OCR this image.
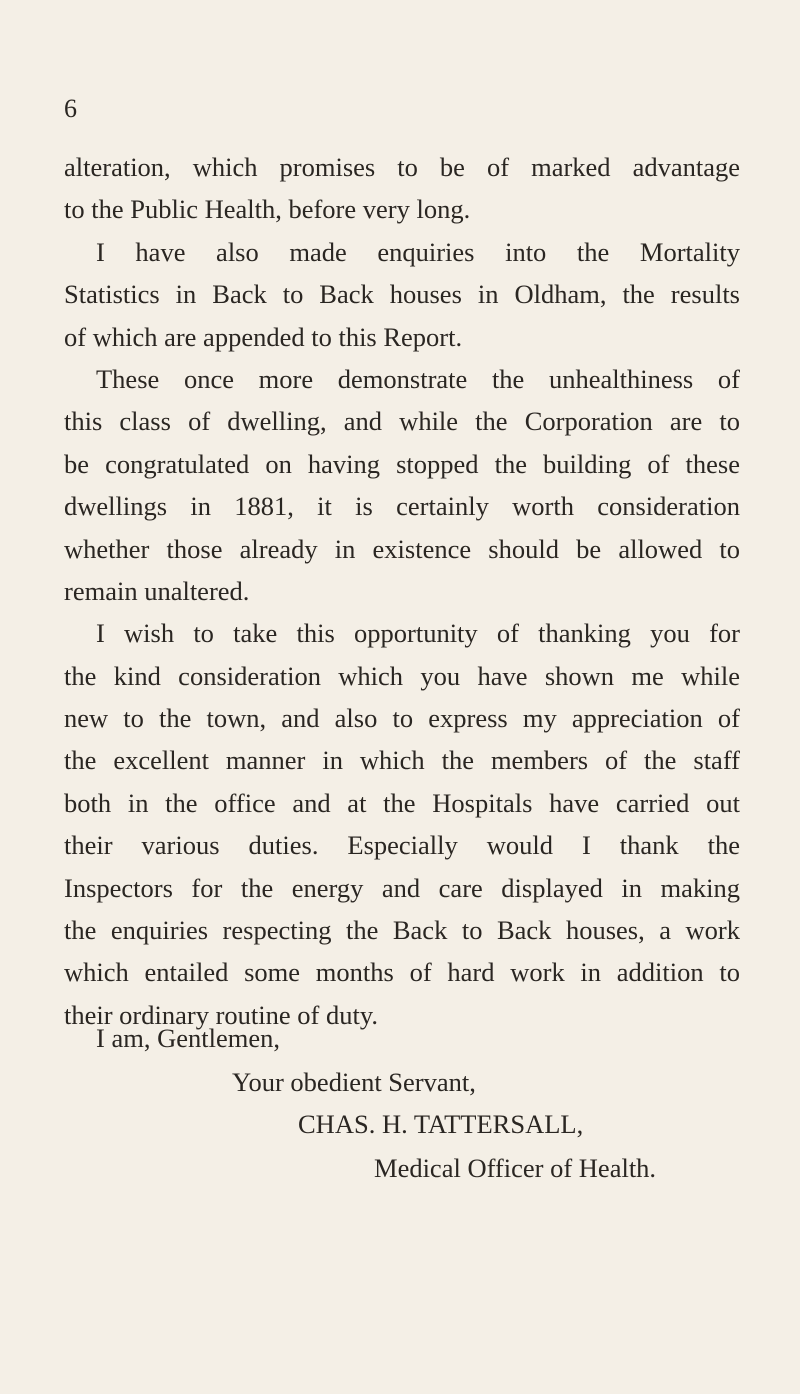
6
alteration, which promises to be of marked advantage
to the Public Health, before very long.
I have also made enquiries into the Mortality
Statistics in Back to Back houses in Oldham, the results
of which are appended to this Report.
These once more demonstrate the unhealthiness of
this class of dwelling, and while the Corporation are to
be congratulated on having stopped the building of these
dwellings in 1881, it is certainly worth consideration
whether those already in existence should be allowed to
remain unaltered.
I wish to take this opportunity of thanking you for
the kind consideration which you have shown me while
new to the town, and also to express my appreciation of
the excellent manner in which the members of the staff
both in the office and at the Hospitals have carried out
their various duties. Especially would I thank the
Inspectors for the energy and care displayed in making
the enquiries respecting the Back to Back houses, a work
which entailed some months of hard work in addition to
their ordinary routine of duty.
I am, Gentlemen,
Your obedient Servant,
CHAS. H. TATTERSALL,
Medical Officer of Health.
